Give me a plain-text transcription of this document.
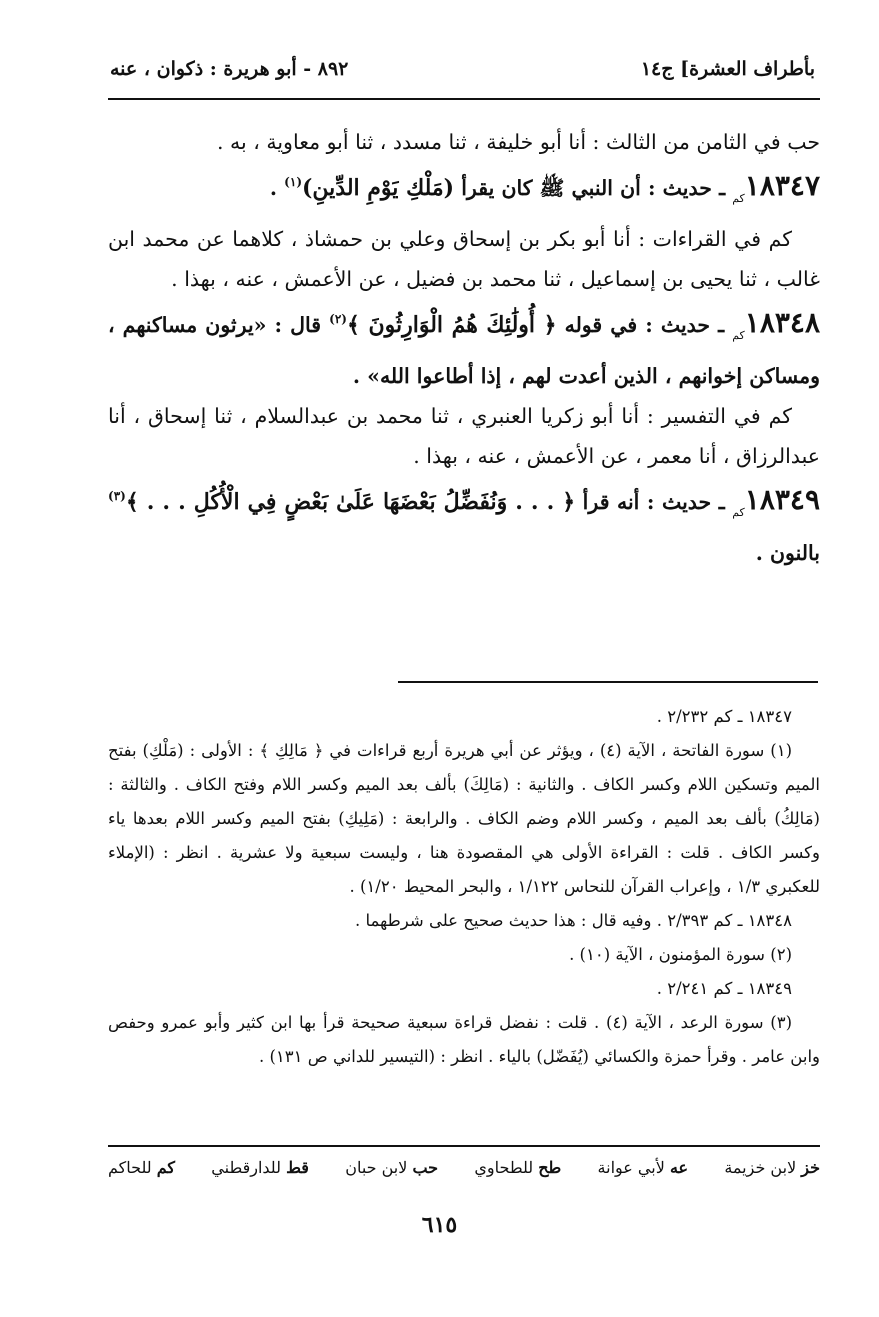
بأطراف العشرة] ج١٤
٨٩٢ - أبو هريرة : ذكوان ، عنه

حب في الثامن من الثالث : أنا أبو خليفة ، ثنا مسدد ، ثنا أبو معاوية ، به .

$١٨٣٤٧_{كم}$ ـ حديث : أن النبي ﷺ كان يقرأ (مَلْكِ يَوْمِ الدِّينِ)$^{(١)}$ .

كم في القراءات : أنا أبو بكر بن إسحاق وعلي بن حمشاذ ، كلاهما عن محمد ابن غالب ، ثنا يحيى بن إسماعيل ، ثنا محمد بن فضيل ، عن الأعمش ، عنه ، بهذا .

$١٨٣٤٨_{كم}$ ـ حديث : في قوله ﴿ أُولَٰئِكَ هُمُ الْوَارِثُونَ ﴾$^{(٢)}$ قال : «يرثون مساكنهم ، ومساكن إخوانهم ، الذين أعدت لهم ، إذا أطاعوا الله» .

كم في التفسير : أنا أبو زكريا العنبري ، ثنا محمد بن عبدالسلام ، ثنا إسحاق ، أنا عبدالرزاق ، أنا معمر ، عن الأعمش ، عنه ، بهذا .

$١٨٣٤٩_{كم}$ ـ حديث : أنه قرأ ﴿ . . . وَنُفَضِّلُ بَعْضَهَا عَلَىٰ بَعْضٍ فِي الْأُكُلِ . . . ﴾$^{(٣)}$ بالنون .

١٨٣٤٧ ـ كم ٢/٢٣٢ .

(١) سورة الفاتحة ، الآية (٤) ، ويؤثر عن أبي هريرة أربع قراءات في ﴿ مَالِكِ ﴾ : الأولى : (مَلْكِ) بفتح الميم وتسكين اللام وكسر الكاف . والثانية : (مَالِكَ) بألف بعد الميم وكسر اللام وفتح الكاف . والثالثة : (مَالِكُ) بألف بعد الميم ، وكسر اللام وضم الكاف . والرابعة : (مَلِيكِ) بفتح الميم وكسر اللام بعدها ياء وكسر الكاف . قلت : القراءة الأولى هي المقصودة هنا ، وليست سبعية ولا عشرية . انظر : (الإملاء للعكبري ١/٣ ، وإعراب القرآن للنحاس ١/١٢٢ ، والبحر المحيط ١/٢٠) .

١٨٣٤٨ ـ كم ٢/٣٩٣ . وفيه قال : هذا حديث صحيح على شرطهما .

(٢) سورة المؤمنون ، الآية (١٠) .

١٨٣٤٩ ـ كم ٢/٢٤١ .

(٣) سورة الرعد ، الآية (٤) . قلت : نفضل قراءة سبعية صحيحة قرأ بها ابن كثير وأبو عمرو وحفص وابن عامر . وقرأ حمزة والكسائي (يُفَضّل) بالياء . انظر : (التيسير للداني ص ١٣١) .

خز لابن خزيمة
عه لأبي عوانة
طح للطحاوي
حب لابن حبان
قط للدارقطني
كم للحاكم
٦١٥
